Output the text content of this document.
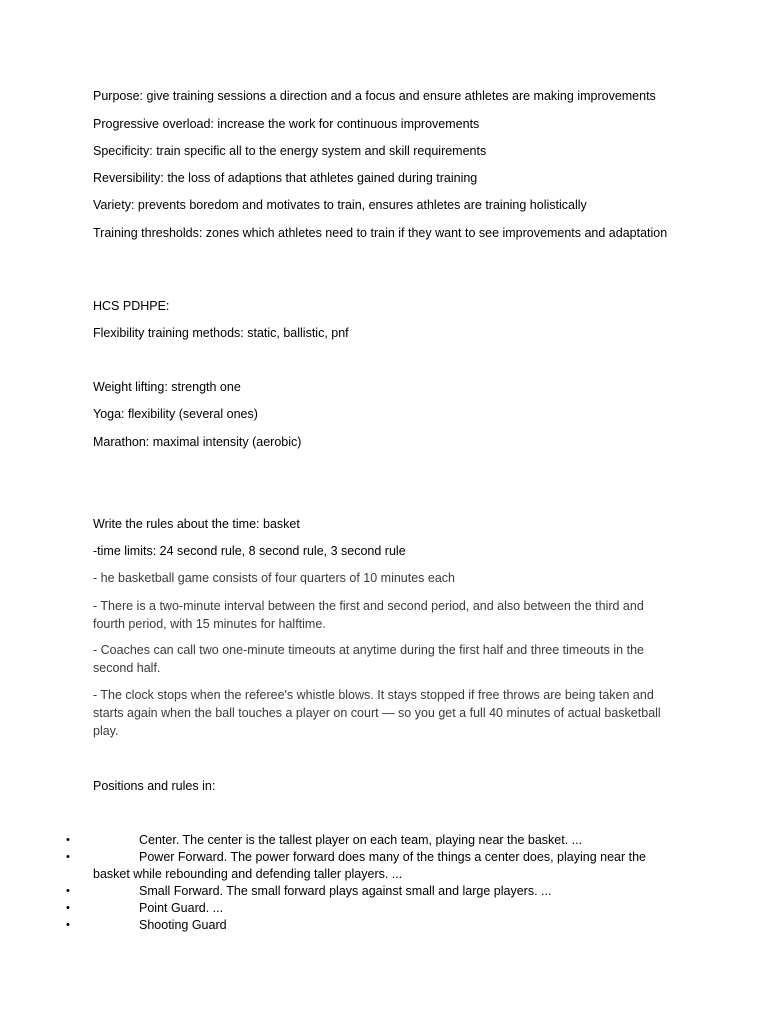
Purpose: give training sessions a direction and a focus and ensure athletes are making improvements
Progressive overload: increase the work for continuous improvements
Specificity: train specific all to the energy system and skill requirements
Reversibility: the loss of adaptions that athletes gained during training
Variety: prevents boredom and motivates to train, ensures athletes are training holistically
Training thresholds: zones which athletes need to train if they want to see improvements and adaptation
HCS PDHPE:
Flexibility training methods: static, ballistic, pnf
Weight lifting: strength one
Yoga: flexibility (several ones)
Marathon: maximal intensity (aerobic)
Write the rules about the time: basket
-time limits: 24 second rule, 8 second rule, 3 second rule
- he basketball game consists of four quarters of 10 minutes each
- There is a two-minute interval between the first and second period, and also between the third and fourth period, with 15 minutes for halftime.
- Coaches can call two one-minute timeouts at anytime during the first half and three timeouts in the second half.
- The clock stops when the referee's whistle blows. It stays stopped if free throws are being taken and starts again when the ball touches a player on court — so you get a full 40 minutes of actual basketball play.
Positions and rules in:
•	Center. The center is the tallest player on each team, playing near the basket. ...
•	Power Forward. The power forward does many of the things a center does, playing near the basket while rebounding and defending taller players. ...
•	Small Forward. The small forward plays against small and large players. ...
•	Point Guard. ...
•	Shooting Guard
